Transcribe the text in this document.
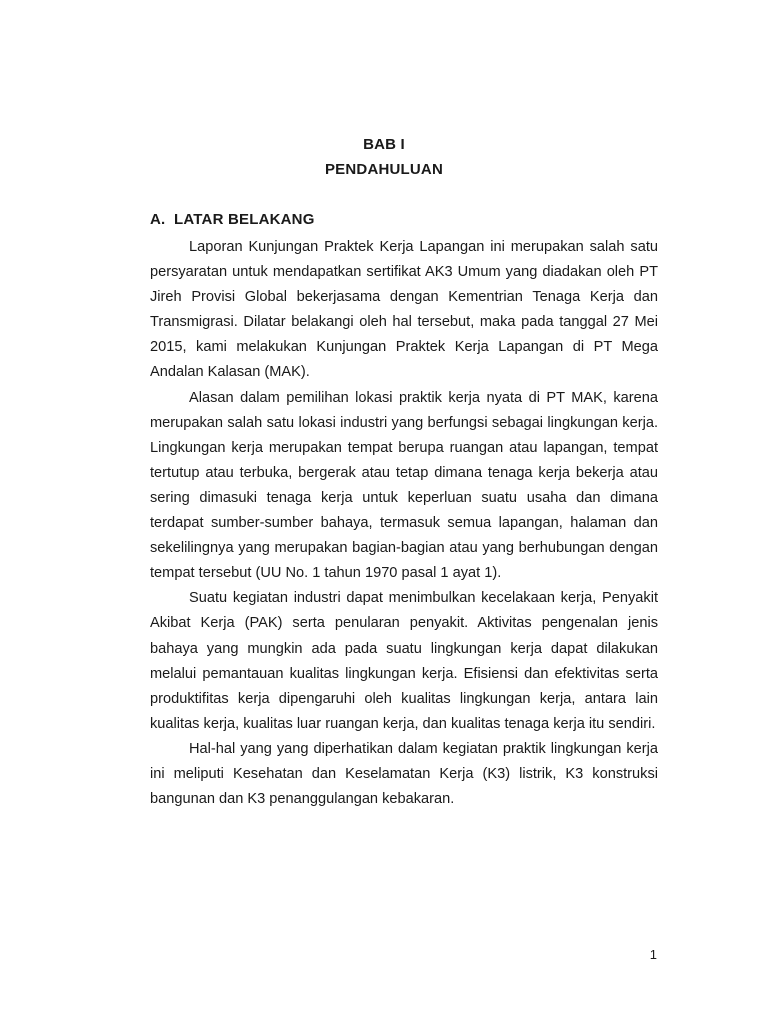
BAB I
PENDAHULUAN
A. LATAR BELAKANG

Laporan Kunjungan Praktek Kerja Lapangan ini merupakan salah satu persyaratan untuk mendapatkan sertifikat AK3 Umum yang diadakan oleh PT Jireh Provisi Global bekerjasama dengan Kementrian Tenaga Kerja dan Transmigrasi. Dilatar belakangi oleh hal tersebut, maka pada tanggal 27 Mei 2015, kami melakukan Kunjungan Praktek Kerja Lapangan di PT Mega Andalan Kalasan (MAK).

Alasan dalam pemilihan lokasi praktik kerja nyata di PT MAK, karena merupakan salah satu lokasi industri yang berfungsi sebagai lingkungan kerja. Lingkungan kerja merupakan tempat berupa ruangan atau lapangan, tempat tertutup atau terbuka, bergerak atau tetap dimana tenaga kerja bekerja atau sering dimasuki tenaga kerja untuk keperluan suatu usaha dan dimana terdapat sumber-sumber bahaya, termasuk semua lapangan, halaman dan sekelilingnya yang merupakan bagian-bagian atau yang berhubungan dengan tempat tersebut (UU No. 1 tahun 1970 pasal 1 ayat 1).

Suatu kegiatan industri dapat menimbulkan kecelakaan kerja, Penyakit Akibat Kerja (PAK) serta penularan penyakit. Aktivitas pengenalan jenis bahaya yang mungkin ada pada suatu lingkungan kerja dapat dilakukan melalui pemantauan kualitas lingkungan kerja. Efisiensi dan efektivitas serta produktifitas kerja dipengaruhi oleh kualitas lingkungan kerja, antara lain kualitas kerja, kualitas luar ruangan kerja, dan kualitas tenaga kerja itu sendiri.

Hal-hal yang yang diperhatikan dalam kegiatan praktik lingkungan kerja ini meliputi Kesehatan dan Keselamatan Kerja (K3) listrik, K3 konstruksi bangunan dan K3 penanggulangan kebakaran.

1
